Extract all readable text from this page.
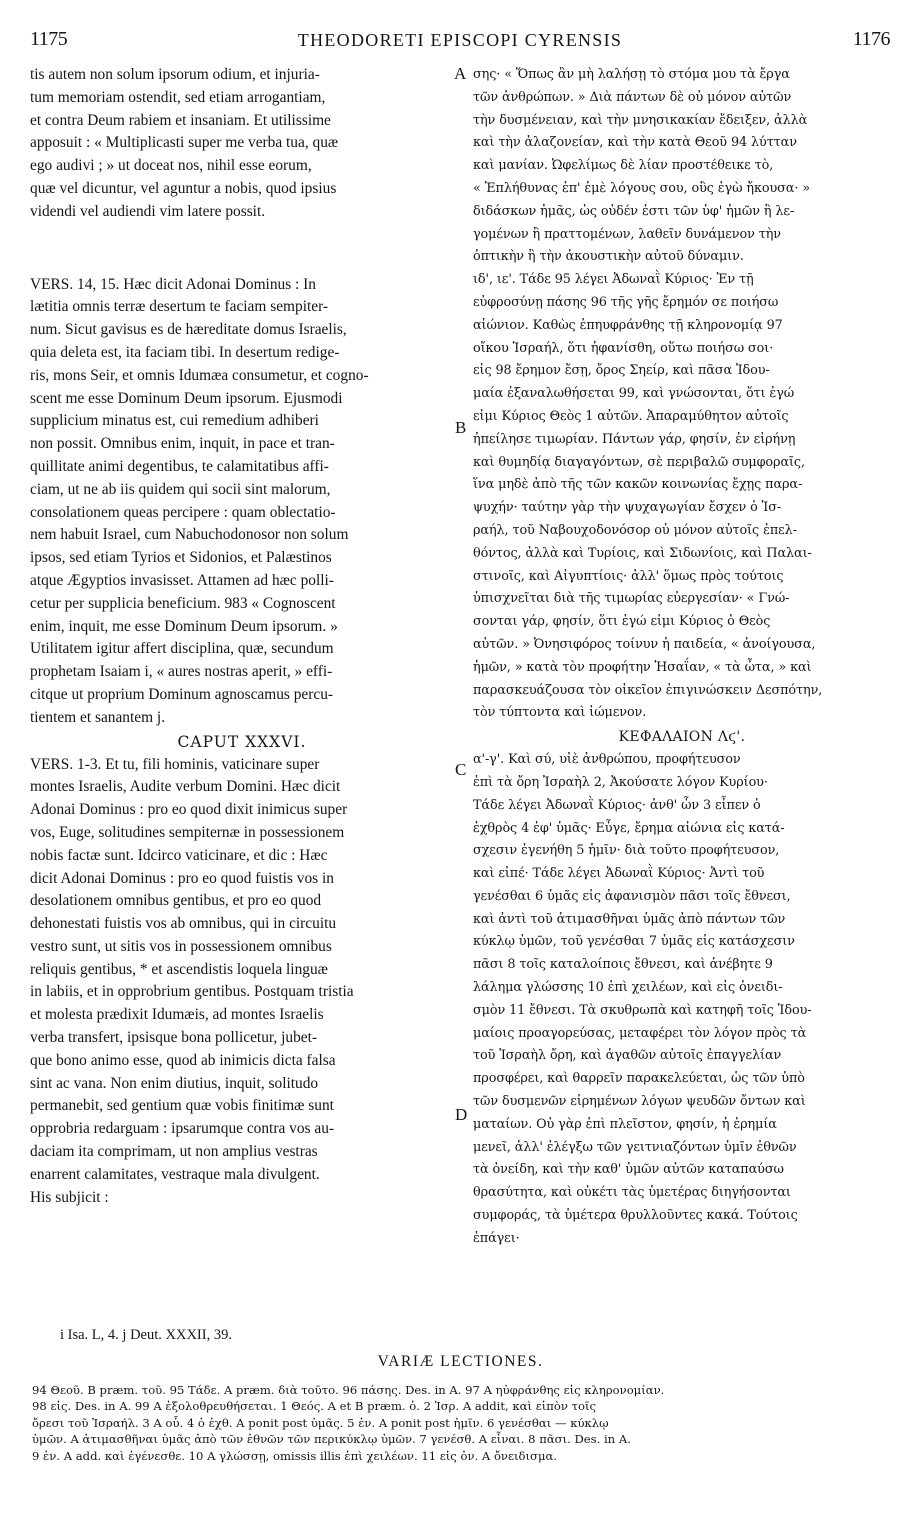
1175	THEODORETI EPISCOPI CYRENSIS	1176

tis autem non solum ipsorum odium, et injuria-
tum memoriam ostendit, sed etiam arrogantiam,
et contra Deum rabiem et insaniam. Et utilissime
apposuit : « Multiplicasti super me verba tua, quæ
ego audivi ; » ut doceat nos, nihil esse eorum,
quæ vel dicuntur, vel aguntur a nobis, quod ipsius
videndi vel audiendi vim latere possit.

VERS. 14, 15. Hæc dicit Adonai Dominus : In
lætitia omnis terræ desertum te faciam sempiter-
num. Sicut gavisus es de hæreditate domus Israelis,
quia deleta est, ita faciam tibi. In desertum redige-
ris, mons Seir, et omnis Idumæa consumetur, et cogno-
scent me esse Dominum Deum ipsorum. Ejusmodi
supplicium minatus est, cui remedium adhiberi
non possit. Omnibus enim, inquit, in pace et tran-
quillitate animi degentibus, te calamitatibus affi-
ciam, ut ne ab iis quidem qui socii sint malorum,
consolationem queas percipere : quam oblectatio-
nem habuit Israel, cum Nabuchodonosor non solum
ipsos, sed etiam Tyrios et Sidonios, et Palæstinos
atque Ægyptios invasisset. Attamen ad hæc polli-
cetur per supplicia beneficium. 983 « Cognoscent
enim, inquit, me esse Dominum Deum ipsorum. »
Utilitatem igitur affert disciplina, quæ, secundum
prophetam Isaiam i, « aures nostras aperit, » effi-
citque ut proprium Dominum agnoscamus percu-
tientem et sanantem j.

CAPUT XXXVI.

VERS. 1-3. Et tu, fili hominis, vaticinare super
montes Israelis, Audite verbum Domini. Hæc dicit
Adonai Dominus : pro eo quod dixit inimicus super
vos, Euge, solitudines sempiternæ in possessionem
nobis factæ sunt. Idcirco vaticinare, et dic : Hæc
dicit Adonai Dominus : pro eo quod fuistis vos in
desolationem omnibus gentibus, et pro eo quod
dehonestati fuistis vos ab omnibus, qui in circuitu
vestro sunt, ut sitis vos in possessionem omnibus
reliquis gentibus, * et ascendistis loquela linguæ
in labiis, et in opprobrium gentibus. Postquam tristia
et molesta prædixit Idumæis, ad montes Israelis
verba transfert, ipsisque bona pollicetur, jubet-
que bono animo esse, quod ab inimicis dicta falsa
sint ac vana. Non enim diutius, inquit, solitudo
permanebit, sed gentium quæ vobis finitimæ sunt
opprobria redarguam : ipsarumque contra vos au-
daciam ita comprimam, ut non amplius vestras
enarrent calamitates, vestraque mala divulgent.
His subjicit :

σης· « Ὅπως ἂν μὴ λαλήσῃ τὸ στόμα μου τὰ ἔργα
τῶν ἀνθρώπων. » Διὰ πάντων δὲ οὐ μόνον αὐτῶν
τὴν δυσμένειαν, καὶ τὴν μνησικακίαν ἔδειξεν, ἀλλὰ
καὶ τὴν ἀλαζονείαν, καὶ τὴν κατὰ Θεοῦ 94 λύτταν
καὶ μανίαν. Ὠφελίμως δὲ λίαν προστέθεικε τὸ,
« Ἐπλήθυνας ἐπ' ἐμὲ λόγους σου, οὓς ἐγὼ ἤκουσα· »
διδάσκων ἡμᾶς, ὡς οὐδέν ἐστι τῶν ὑφ' ἡμῶν ἢ λε-
γομένων ἢ πραττομένων, λαθεῖν δυνάμενον τὴν
ὀπτικὴν ἢ τὴν ἀκουστικὴν αὐτοῦ δύναμιν.

ιδ', ιε'. Τάδε 95 λέγει Ἀδωναῒ Κύριος· Ἐν τῇ
εὐφροσύνῃ πάσης 96 τῆς γῆς ἔρημόν σε ποιήσω
αἰώνιον. Καθὼς ἐπηυφράνθης τῇ κληρονομίᾳ 97
οἴκου Ἰσραήλ, ὅτι ἠφανίσθη, οὕτω ποιήσω σοι·
εἰς 98 ἔρημον ἔσῃ, ὄρος Σηείρ, καὶ πᾶσα Ἰδου-
μαία ἐξαναλωθήσεται 99, καὶ γνώσονται, ὅτι ἐγώ
εἰμι Κύριος Θεὸς 1 αὐτῶν. Ἀπαραμύθητον αὐτοῖς
ἠπείλησε τιμωρίαν. Πάντων γάρ, φησίν, ἐν εἰρήνῃ
καὶ θυμηδίᾳ διαγαγόντων, σὲ περιβαλῶ συμφοραῖς,
ἵνα μηδὲ ἀπὸ τῆς τῶν κακῶν κοινωνίας ἔχῃς παρα-
ψυχήν· ταύτην γὰρ τὴν ψυχαγωγίαν ἔσχεν ὁ Ἰσ-
ραήλ, τοῦ Ναβουχοδονόσορ οὐ μόνον αὐτοῖς ἐπελ-
θόντος, ἀλλὰ καὶ Τυρίοις, καὶ Σιδωνίοις, καὶ Παλαι-
στινοῖς, καὶ Αἰγυπτίοις· ἀλλ' ὅμως πρὸς τούτοις
ὑπισχνεῖται διὰ τῆς τιμωρίας εὐεργεσίαν· « Γνώ-
σονται γάρ, φησίν, ὅτι ἐγώ εἰμι Κύριος ὁ Θεὸς
αὐτῶν. » Ὀνησιφόρος τοίνυν ἡ παιδεία, « ἀνοίγουσα,
ἡμῶν, » κατὰ τὸν προφήτην Ἡσαΐαν, « τὰ ὦτα, » καὶ
παρασκευάζουσα τὸν οἰκεῖον ἐπιγινώσκειν Δεσπότην,
τὸν τύπτοντα καὶ ἰώμενον.

ΚΕΦΑΛΑΙΟΝ Λϛ'.

α'-γ'. Καὶ σύ, υἱὲ ἀνθρώπου, προφήτευσον
ἐπὶ τὰ ὄρη Ἰσραὴλ 2, Ἀκούσατε λόγον Κυρίου·
Τάδε λέγει Ἀδωναῒ Κύριος· ἀνθ' ὧν 3 εἶπεν ὁ
ἐχθρὸς 4 ἐφ' ὑμᾶς· Εὖγε, ἔρημα αἰώνια εἰς κατά-
σχεσιν ἐγενήθη 5 ἡμῖν· διὰ τοῦτο προφήτευσον,
καὶ εἰπέ· Τάδε λέγει Ἀδωναῒ Κύριος· Ἀντὶ τοῦ
γενέσθαι 6 ὑμᾶς εἰς ἀφανισμὸν πᾶσι τοῖς ἔθνεσι,
καὶ ἀντὶ τοῦ ἀτιμασθῆναι ὑμᾶς ἀπὸ πάντων τῶν
κύκλῳ ὑμῶν, τοῦ γενέσθαι 7 ὑμᾶς εἰς κατάσχεσιν
πᾶσι 8 τοῖς καταλοίποις ἔθνεσι, καὶ ἀνέβητε 9
λάλημα γλώσσης 10 ἐπὶ χειλέων, καὶ εἰς ὀνειδι-
σμὸν 11 ἔθνεσι. Τὰ σκυθρωπὰ καὶ κατηφῆ τοῖς Ἰδου-
μαίοις προαγορεύσας, μεταφέρει τὸν λόγον πρὸς τὰ
τοῦ Ἰσραὴλ ὄρη, καὶ ἀγαθῶν αὐτοῖς ἐπαγγελίαν
προσφέρει, καὶ θαρρεῖν παρακελεύεται, ὡς τῶν ὑπὸ
τῶν δυσμενῶν εἰρημένων λόγων ψευδῶν ὄντων καὶ
ματαίων. Οὐ γὰρ ἐπὶ πλεῖστον, φησίν, ἡ ἐρημία
μενεῖ, ἀλλ' ἐλέγξω τῶν γειτνιαζόντων ὑμῖν ἐθνῶν
τὰ ὀνείδη, καὶ τὴν καθ' ὑμῶν αὐτῶν καταπαύσω
θρασύτητα, καὶ οὐκέτι τὰς ὑμετέρας διηγήσονται
συμφοράς, τὰ ὑμέτερα θρυλλοῦντες κακά. Τούτοις
ἐπάγει·

A
B
C
D
i Isa. L, 4. j Deut. XXXII, 39.
VARIÆ LECTIONES.
94 Θεοῦ. B præm. τοῦ. 95 Τάδε. A præm. διὰ τοῦτο. 96 πάσης. Des. in A. 97 A ηὐφράνθης εἰς κληρονομίαν.
98 εἰς. Des. in A. 99 A ἐξολοθρευθήσεται. 1 Θεός. A et B præm. ὁ. 2 Ἰσρ. A addit, καὶ εἰπὸν τοῖς
ὄρεσι τοῦ Ἰσραήλ. 3 A οὗ. 4 ὁ ἐχθ. A ponit post ὑμᾶς. 5 ἐν. A ponit post ἡμῖν. 6 γενέσθαι — κύκλῳ
ὑμῶν. A ἀτιμασθῆναι ὑμᾶς ἀπὸ τῶν ἐθνῶν τῶν περικύκλῳ ὑμῶν. 7 γενέσθ. A εἶναι. 8 πᾶσι. Des. in A.
9 ἐν. A add. καὶ ἐγένεσθε. 10 A γλώσσῃ, omissis illis ἐπὶ χειλέων. 11 εἰς ὀν. A ὄνειδισμα.
